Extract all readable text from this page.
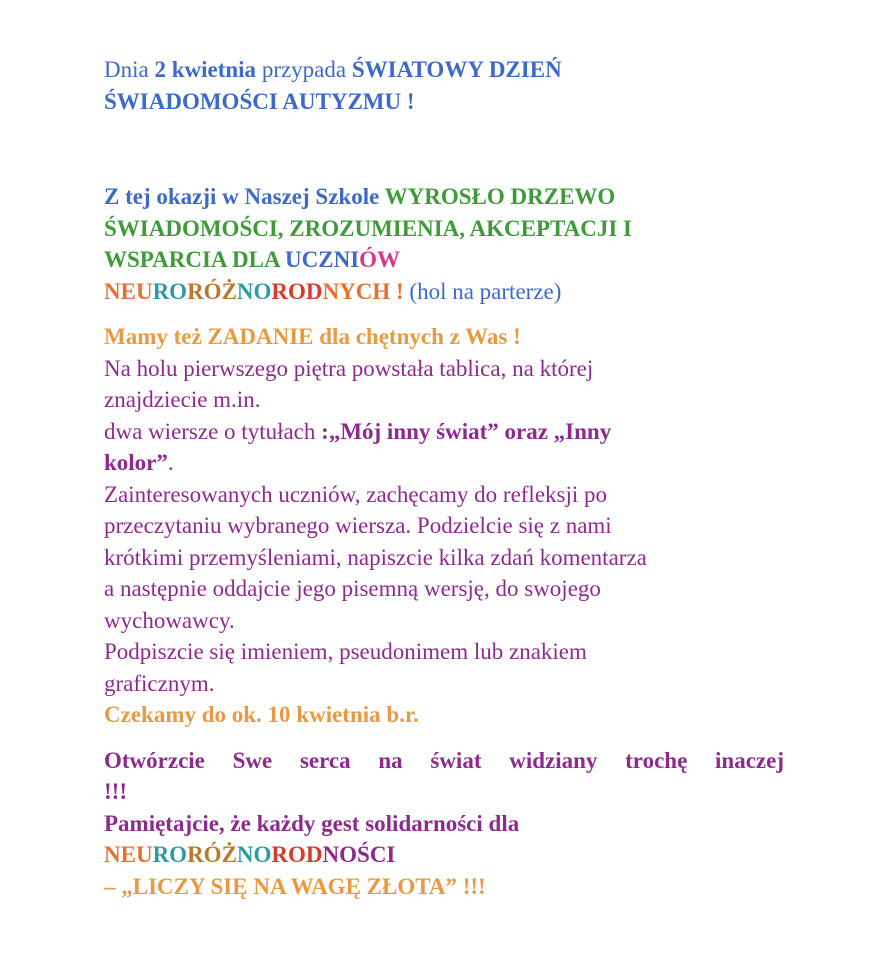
Dnia 2 kwietnia przypada ŚWIATOWY DZIEŃ
ŚWIADOMOŚCI AUTYZMU !
Z tej okazji w Naszej Szkole WYROSŁO DRZEWO
ŚWIADOMOŚCI, ZROZUMIENIA, AKCEPTACJI I
WSPARCIA DLA UCZNIÓW
NEURORÓŻNORODNYCH ! (hol na parterze)
Mamy też ZADANIE dla chętnych z Was !
Na holu pierwszego piętra powstała tablica, na której
znajdziecie m.in.
dwa wiersze o tytułach :„Mój inny świat” oraz „Inny
kolor”.
Zainteresowanych uczniów, zachęcamy do refleksji po
przeczytaniu wybranego wiersza. Podzielcie się z nami
krótkimi przemyśleniami, napiszcie kilka zdań komentarza
a następnie oddajcie jego pisemną wersję, do swojego
wychowawcy.
Podpiszcie się imieniem, pseudonimem lub znakiem
graficznym.
Czekamy do ok. 10 kwietnia b.r.
Otwórzcie Swe serca na świat widziany trochę inaczej
!!!
Pamiętajcie, że każdy gest solidarności dla
NEURORÓŻNORODNOŚCI
– „LICZY SIĘ NA WAGĘ ZŁOTA” !!!
